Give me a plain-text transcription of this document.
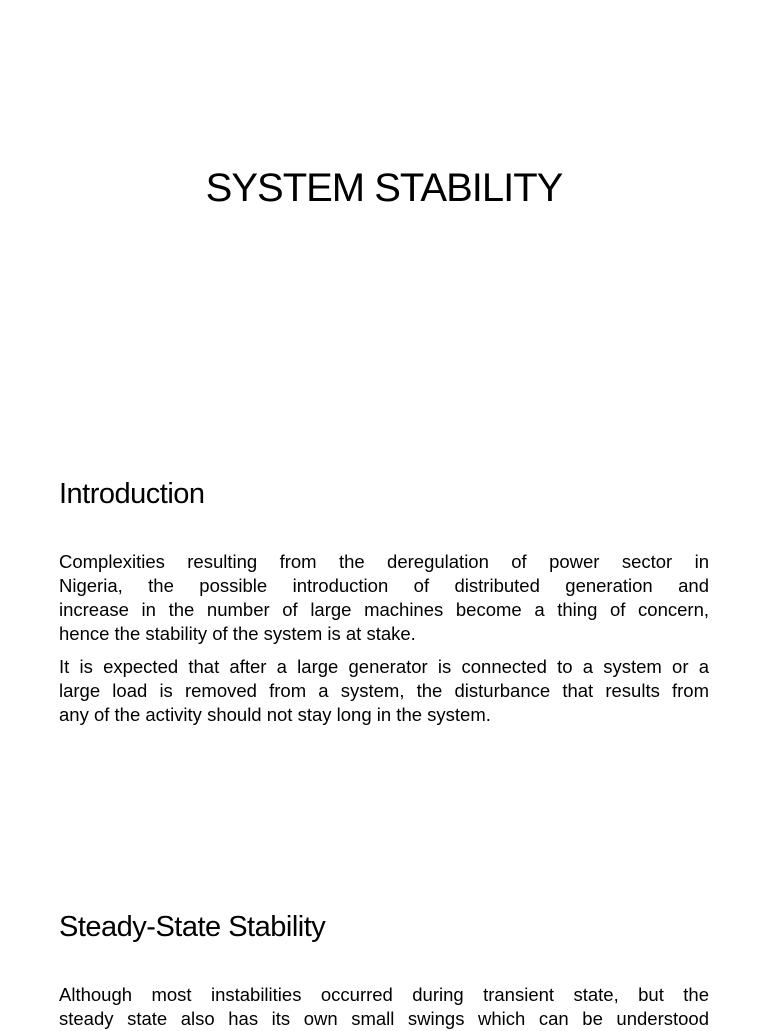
SYSTEM STABILITY
Introduction
Complexities resulting from the deregulation of power sector in
Nigeria, the possible introduction of distributed generation and
increase in the number of large machines become a thing of concern,
hence the stability of the system is at stake.
It is expected that after a large generator is connected to a system or a
large load is removed from a system, the disturbance that results from
any of the activity should not stay long in the system.
Steady-State Stability
Although most instabilities occurred during transient state, but the
steady state also has its own small swings which can be understood
